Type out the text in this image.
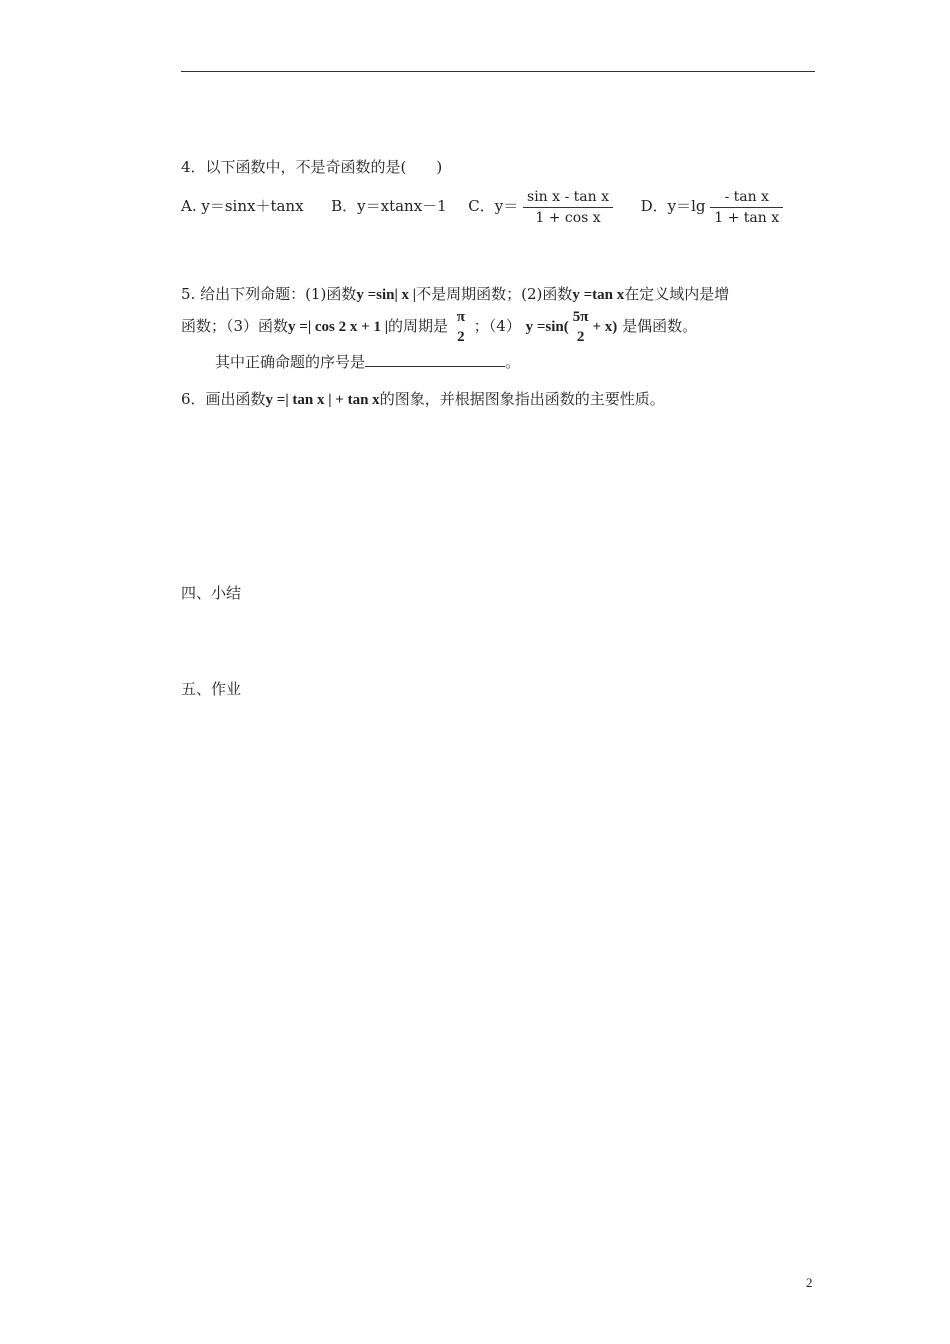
4．以下函数中，不是奇函数的是(　　)
A. y＝sinx＋tanx B．y＝xtanx－1 C．$y= \frac{\text{sin x - tan x}}{\text{1 + cos x}}$ D．$y=\lg \frac{\text{- tan x}}{\text{1 + tan x}}$
5. 给出下列命题：(1)函数y =sin| x |不是周期函数；(2)函数y =tan x在定义域内是增
函数；（3）函数y =| cos 2 x + 1 |的周期是 π
2
；（4） y =sin(
5π
2
+ x) 是偶函数。
其中正确命题的序号是	。
6．画出函数y =| tan x | + tan x的图象，并根据图象指出函数的主要性质。
四、小结
五、作业
2
